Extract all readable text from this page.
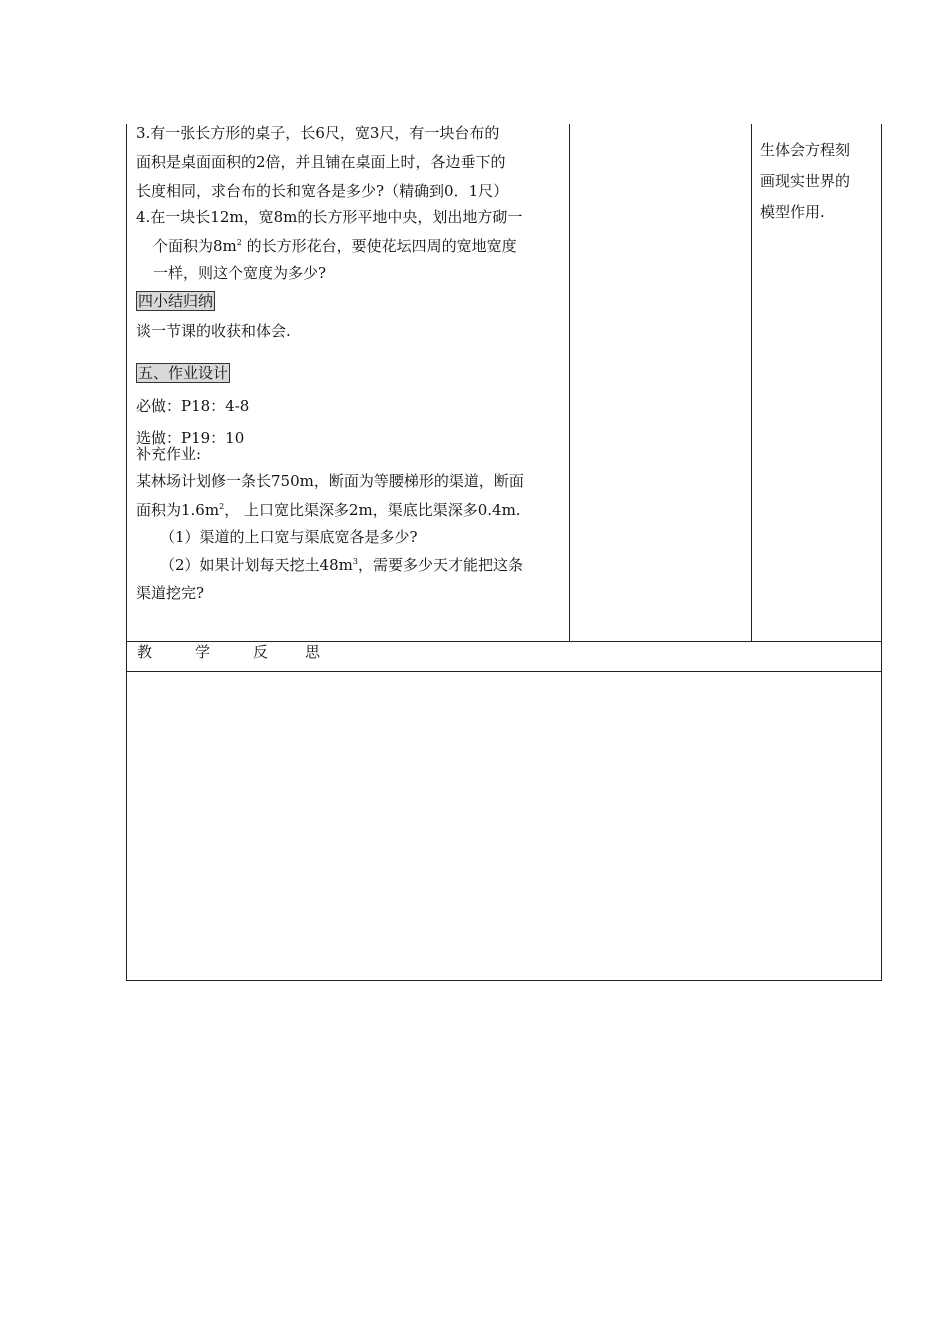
3.有一张长方形的桌子，长6尺，宽3尺，有一块台布的
面积是桌面面积的2倍，并且铺在桌面上时，各边垂下的
长度相同，求台布的长和宽各是多少?（精确到0．1尺）
4.在一块长12m，宽8m的长方形平地中央，划出地方砌一
个面积为$8m^2$ 的长方形花台，要使花坛四周的宽地宽度
一样，则这个宽度为多少?
四小结归纳
谈一节课的收获和体会.
五、作业设计
必做：P18：4-8
选做：P19：10
补充作业:
某林场计划修一条长750m，断面为等腰梯形的渠道，断面
面积为$1.6m^2$， 上口宽比渠深多2m，渠底比渠深多0.4m.
（1）渠道的上口宽与渠底宽各是多少?
（2）如果计划每天挖土$48m^3$，需要多少天才能把这条
渠道挖完?
生体会方程刻
画现实世界的
模型作用.
教	学	反 思
